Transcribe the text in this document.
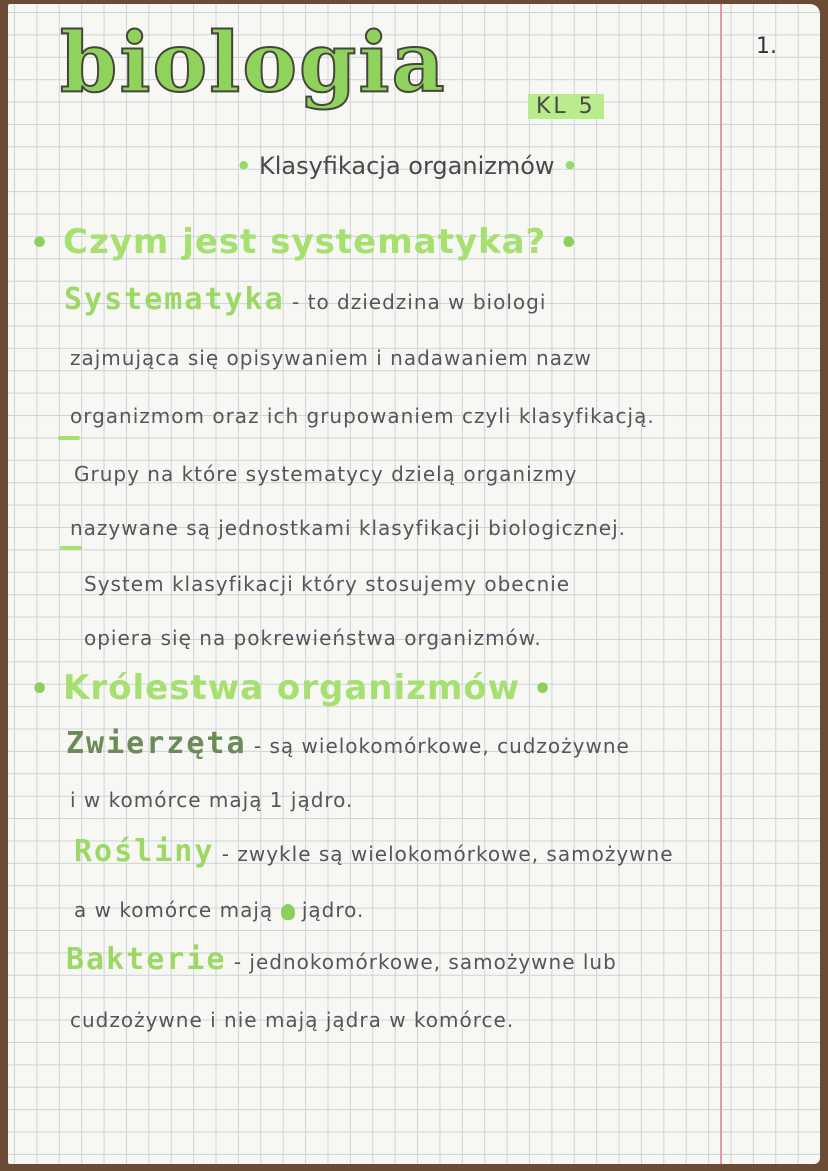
1.
biologia	KL 5
• Klasyfikacja organizmów •
• Czym jest systematyka? •
Systematyka - to dziedzina w biologi
zajmująca się opisywaniem i nadawaniem nazw
organizmom oraz ich grupowaniem czyli klasyfikacją.
Grupy na które systematycy dzielą organizmy
nazywane są jednostkami klasyfikacji biologicznej.
System klasyfikacji który stosujemy obecnie
opiera się na pokrewieństwa organizmów.
• Królestwa organizmów •
Zwierzęta - są wielokomórkowe, cudzożywne
i w komórce mają 1 jądro.
Rośliny - zwykle są wielokomórkowe, samożywne
a w komórce mają  jądro.
Bakterie - jednokomórkowe, samożywne lub
cudzożywne i nie mają jądra w komórce.
